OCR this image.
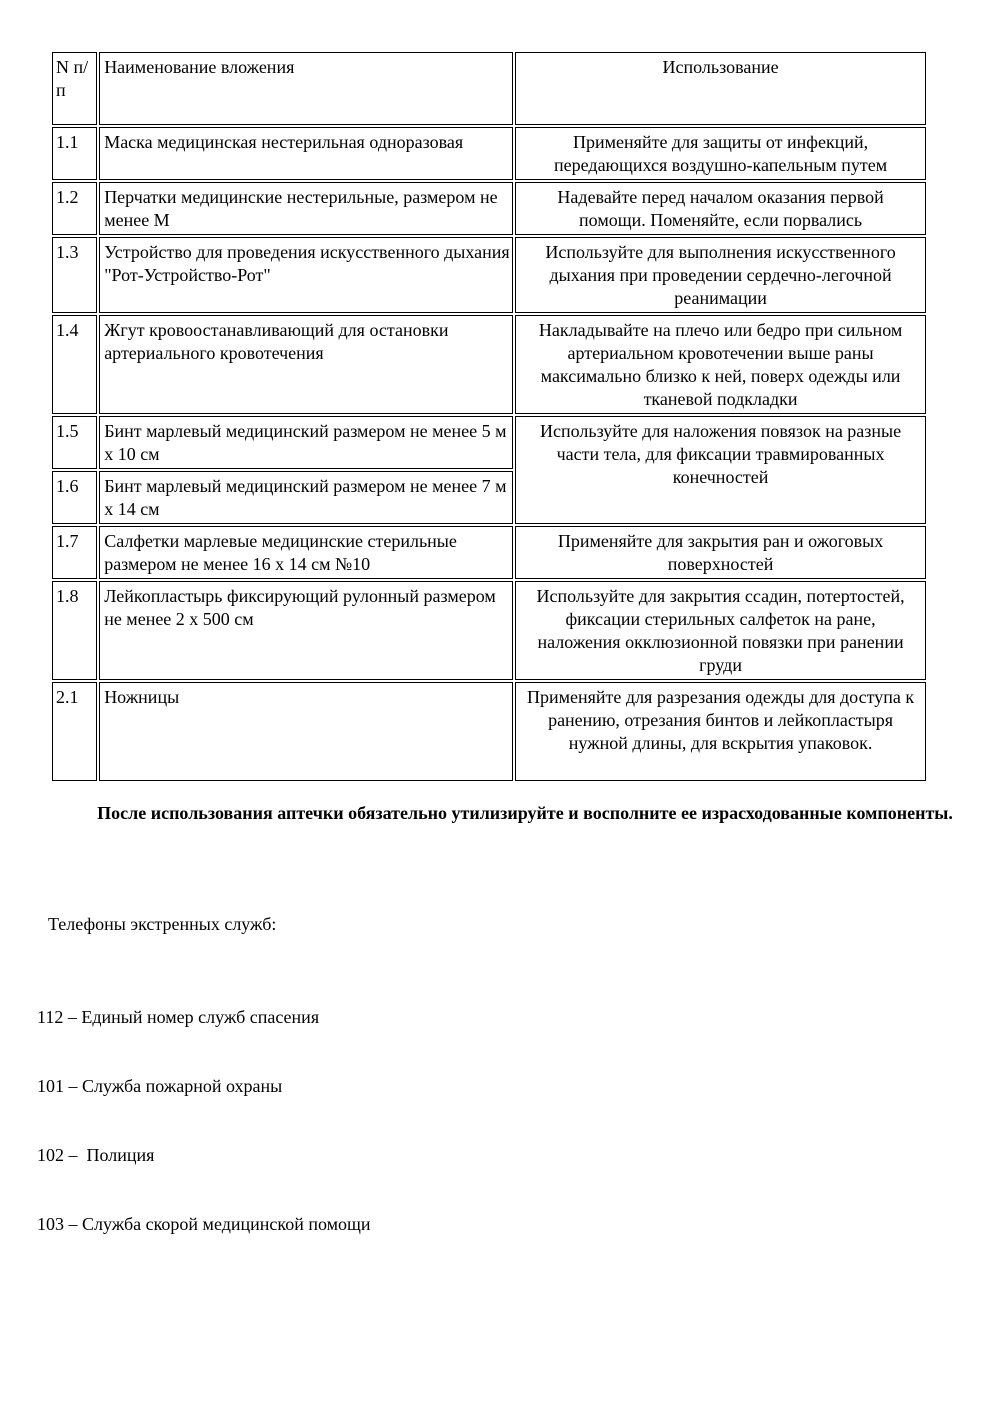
N п/п	Наименование вложения	Использование
1.1	Маска медицинская нестерильная одноразовая	Применяйте для защиты от инфекций, передающихся воздушно-капельным путем
1.2	Перчатки медицинские нестерильные, размером не менее М	Надевайте перед началом оказания первой помощи. Поменяйте, если порвались
1.3	Устройство для проведения искусственного дыхания "Рот-Устройство-Рот"	Используйте для выполнения искусственного дыхания при проведении сердечно-легочной реанимации
1.4	Жгут кровоостанавливающий для остановки артериального кровотечения	Накладывайте на плечо или бедро при сильном артериальном кровотечении выше раны максимально близко к ней, поверх одежды или тканевой подкладки
1.5	Бинт марлевый медицинский размером не менее 5 м х 10 см	Используйте для наложения повязок на разные части тела, для фиксации травмированных конечностей
1.6	Бинт марлевый медицинский размером не менее 7 м х 14 см	
1.7	Салфетки марлевые медицинские стерильные размером не менее 16 х 14 см №10	Применяйте для закрытия ран и ожоговых поверхностей
1.8	Лейкопластырь фиксирующий рулонный размером не менее 2 х 500 см	Используйте для закрытия ссадин, потертостей, фиксации стерильных салфеток на ране, наложения окклюзионной повязки при ранении груди
2.1	Ножницы	Применяйте для разрезания одежды для доступа к ранению, отрезания бинтов и лейкопластыря нужной длины, для вскрытия упаковок.
После использования аптечки обязательно утилизируйте и восполните ее израсходованные компоненты.
Телефоны экстренных служб:

112 – Единый номер служб спасения

101 – Служба пожарной охраны

102 –  Полиция

103 – Служба скорой медицинской помощи
